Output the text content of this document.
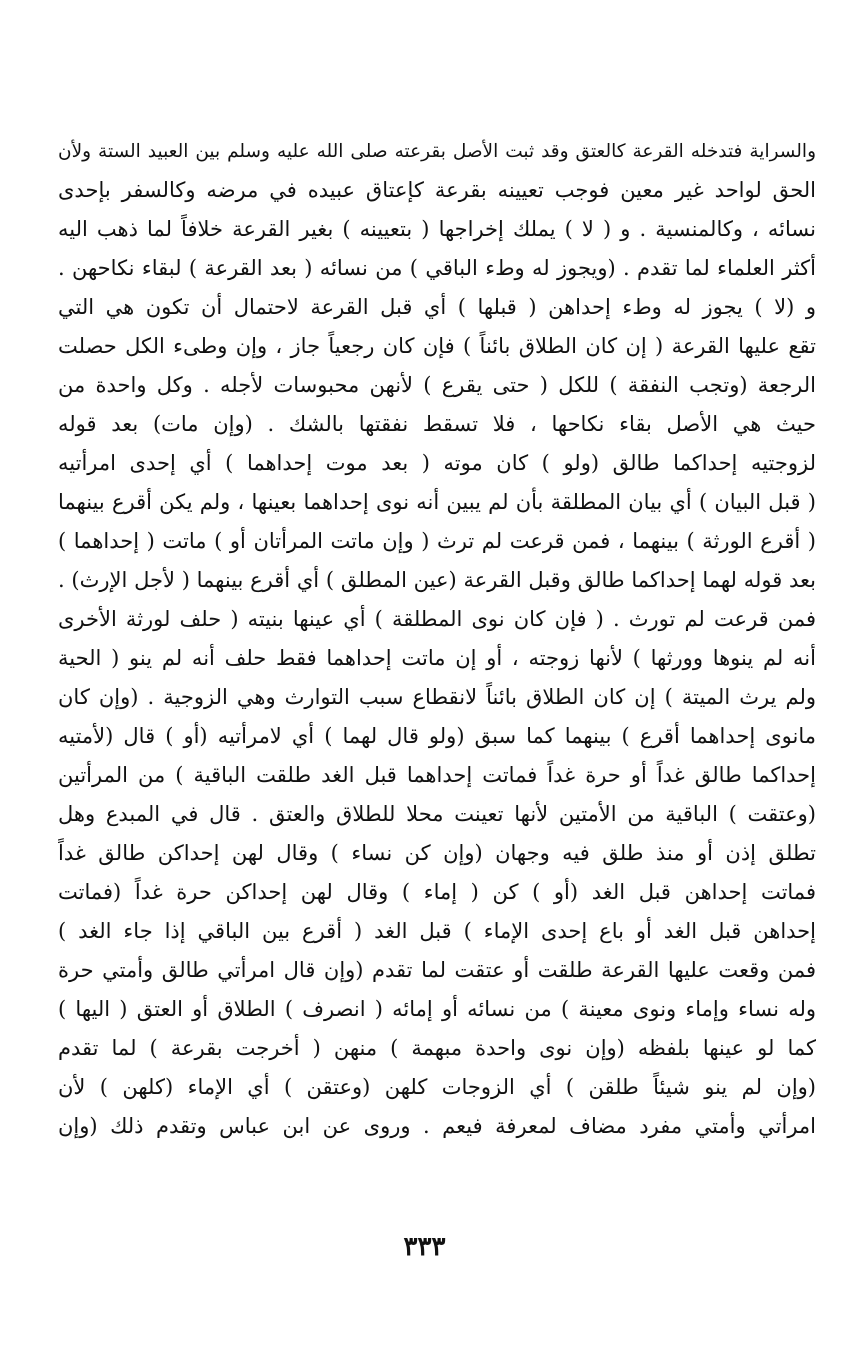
والسراية فتدخله القرعة كالعتق وقد ثبت الأصل بقرعته صلى الله عليه وسلم بين العبيد الستة ولأن
الحق لواحد غير معين فوجب تعيينه بقرعة كإعتاق عبيده في مرضه وكالسفر بإحدى
نسائه ، وكالمنسية . و ( لا ) يملك إخراجها ( بتعيينه ) بغير القرعة خلافاً لما ذهب اليه
أكثر العلماء لما تقدم . (ويجوز له وطء الباقي ) من نسائه ( بعد القرعة ) لبقاء نكاحهن .
و (لا ) يجوز له وطء إحداهن ( قبلها ) أي قبل القرعة لاحتمال أن تكون هي التي
تقع عليها القرعة ( إن كان الطلاق بائناً ) فإن كان رجعياً جاز ، وإن وطىء الكل حصلت
الرجعة (وتجب النفقة ) للكل ( حتى يقرع ) لأنهن محبوسات لأجله . وكل واحدة من
حيث هي الأصل بقاء نكاحها ، فلا تسقط نفقتها بالشك . (وإن مات) بعد قوله
لزوجتيه إحداكما طالق (ولو ) كان موته ( بعد موت إحداهما ) أي إحدى امرأتيه
( قبل البيان ) أي بيان المطلقة بأن لم يبين أنه نوى إحداهما بعينها ، ولم يكن أقرع بينهما
( أقرع الورثة ) بينهما ، فمن قرعت لم ترث ( وإن ماتت المرأتان أو ) ماتت ( إحداهما )
بعد قوله لهما إحداكما طالق وقبل القرعة (عين المطلق ) أي أقرع بينهما ( لأجل الإرث) .
فمن قرعت لم تورث . ( فإن كان نوى المطلقة ) أي عينها بنيته ( حلف لورثة الأخرى
أنه لم ينوها وورثها ) لأنها زوجته ، أو إن ماتت إحداهما فقط حلف أنه لم ينو ( الحية
ولم يرث الميتة ) إن كان الطلاق بائناً لانقطاع سبب التوارث وهي الزوجية . (وإن كان
مانوى إحداهما أقرع ) بينهما كما سبق (ولو قال لهما ) أي لامرأتيه (أو ) قال (لأمتيه
إحداكما طالق غداً أو حرة غداً فماتت إحداهما قبل الغد طلقت الباقية ) من المرأتين
(وعتقت ) الباقية من الأمتين لأنها تعينت محلا للطلاق والعتق . قال في المبدع وهل
تطلق إذن أو منذ طلق فيه وجهان (وإن كن نساء ) وقال لهن إحداكن طالق غداً
فماتت إحداهن قبل الغد (أو ) كن ( إماء ) وقال لهن إحداكن حرة غداً (فماتت
إحداهن قبل الغد أو باع إحدى الإماء ) قبل الغد ( أقرع بين الباقي إذا جاء الغد )
فمن وقعت عليها القرعة طلقت أو عتقت لما تقدم (وإن قال امرأتي طالق وأمتي حرة
وله نساء وإماء ونوى معينة ) من نسائه أو إمائه ( انصرف ) الطلاق أو العتق ( اليها )
كما لو عينها بلفظه (وإن نوى واحدة مبهمة ) منهن ( أخرجت بقرعة ) لما تقدم
(وإن لم ينو شيئاً طلقن ) أي الزوجات كلهن (وعتقن ) أي الإماء (كلهن ) لأن
امرأتي وأمتي مفرد مضاف لمعرفة فيعم . وروى عن ابن عباس وتقدم ذلك (وإن
٣٣٣
